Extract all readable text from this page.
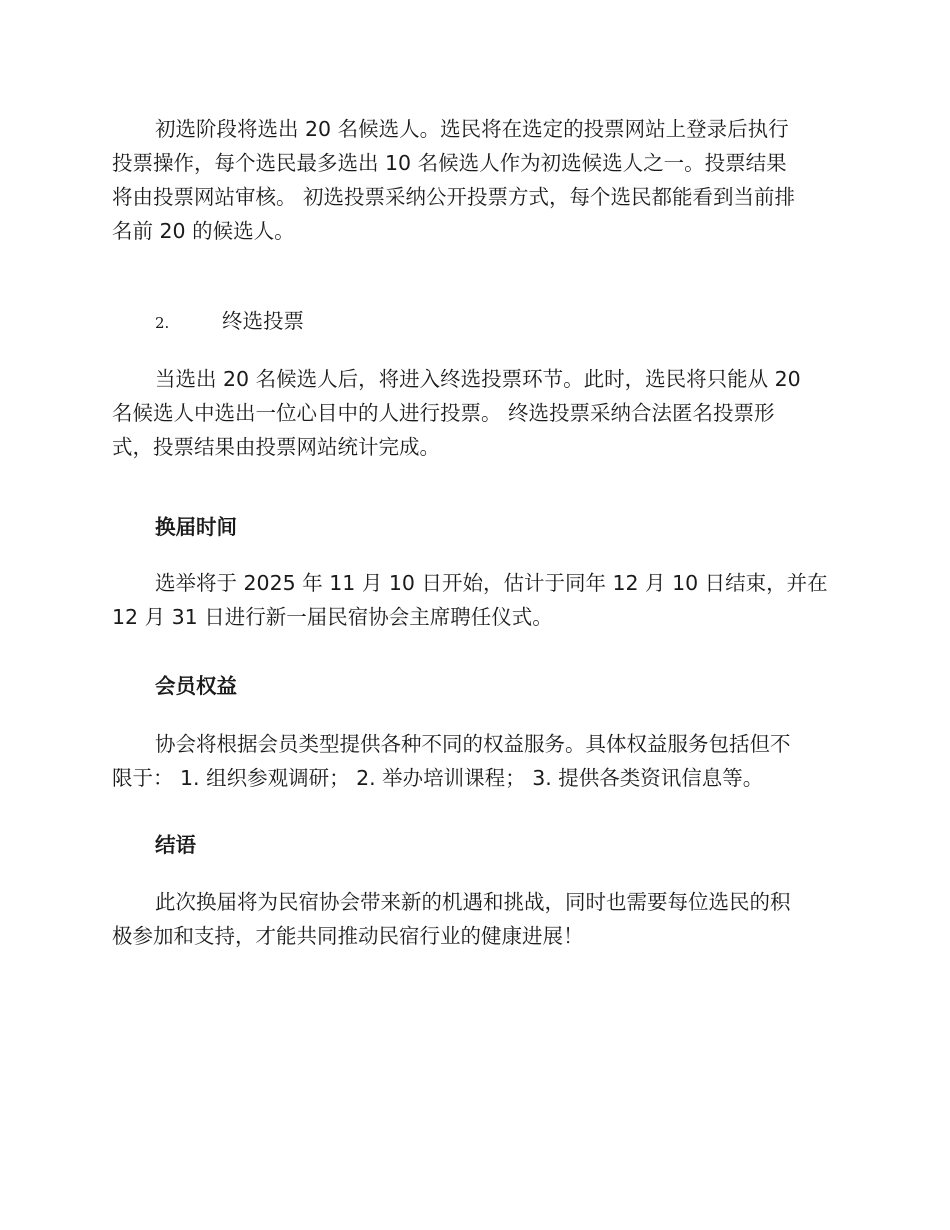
初选阶段将选出 20 名候选人。选民将在选定的投票网站上登录后执行
投票操作，每个选民最多选出 10 名候选人作为初选候选人之一。投票结果
将由投票网站审核。 初选投票采纳公开投票方式，每个选民都能看到当前排
名前 20 的候选人。
2.	终选投票
当选出 20 名候选人后，将进入终选投票环节。此时，选民将只能从 20
名候选人中选出一位心目中的人进行投票。 终选投票采纳合法匿名投票形
式，投票结果由投票网站统计完成。
换届时间
选举将于 2025 年 11 月 10 日开始，估计于同年 12 月 10 日结束，并在
12 月 31 日进行新一届民宿协会主席聘任仪式。
会员权益
协会将根据会员类型提供各种不同的权益服务。具体权益服务包括但不
限于： 1. 组织参观调研； 2. 举办培训课程； 3. 提供各类资讯信息等。
结语
此次换届将为民宿协会带来新的机遇和挑战，同时也需要每位选民的积
极参加和支持，才能共同推动民宿行业的健康进展！
